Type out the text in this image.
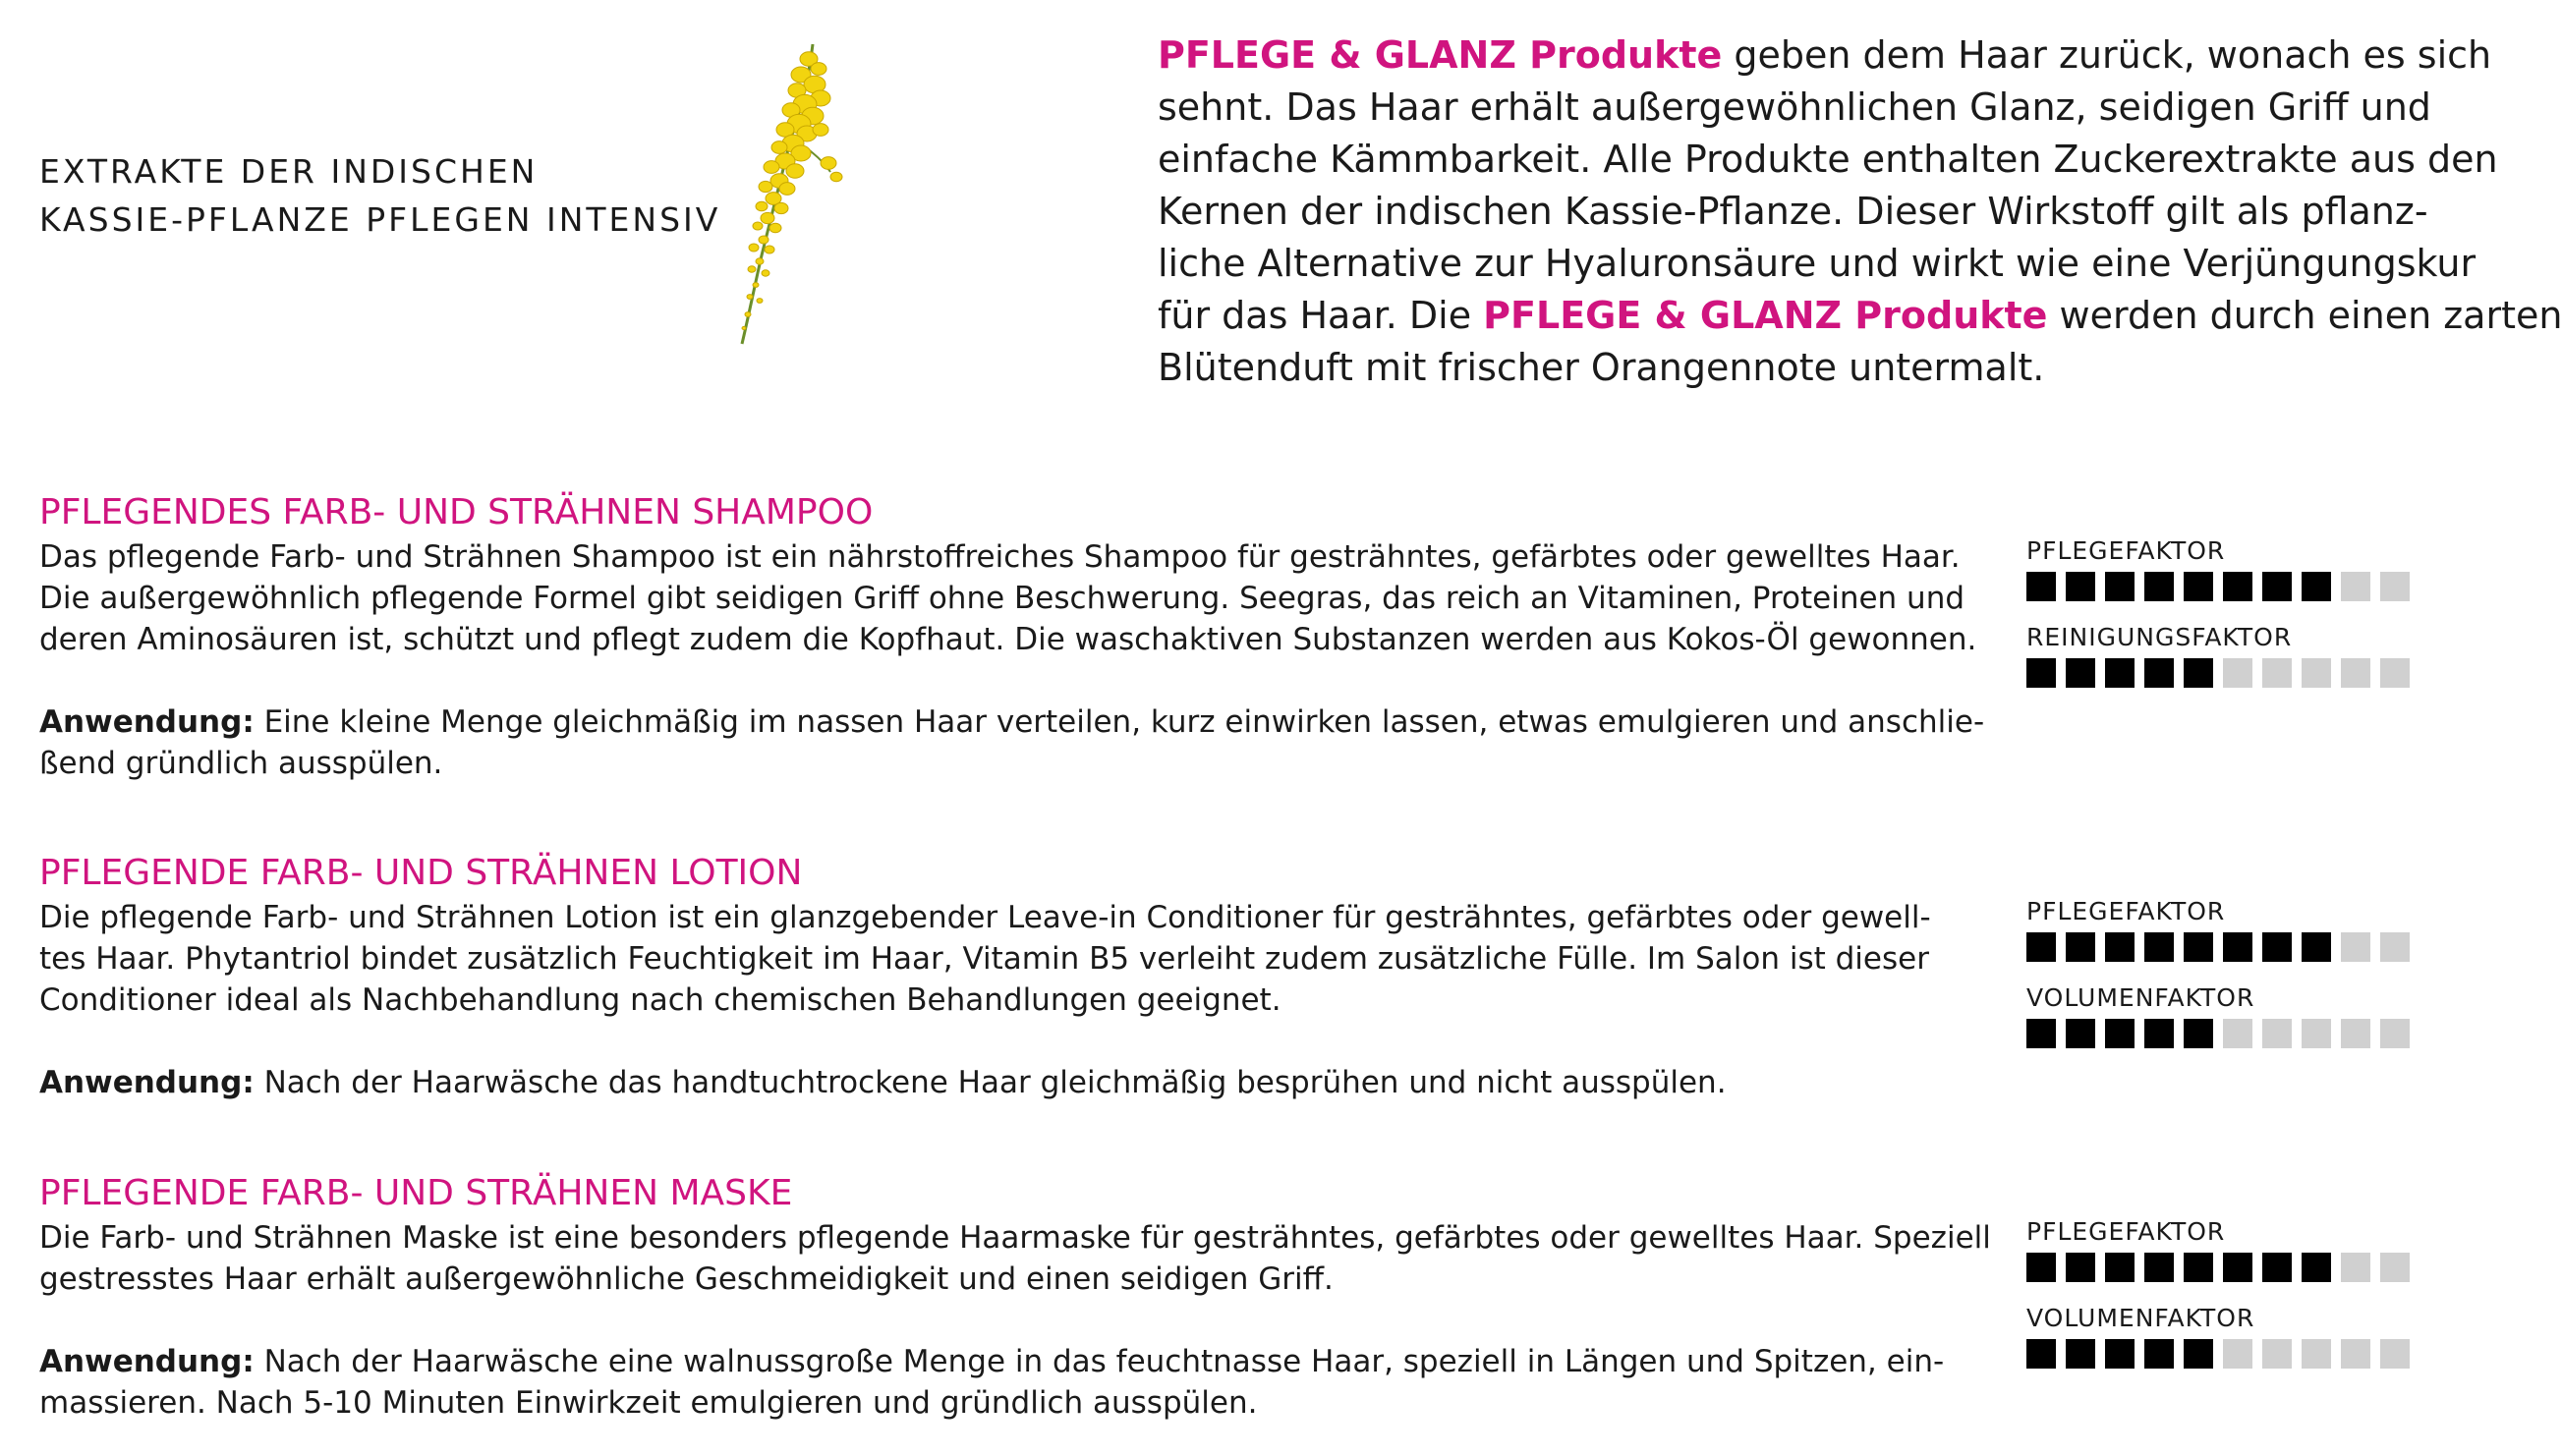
EXTRAKTE DER INDISCHEN
KASSIE-PFLANZE PFLEGEN INTENSIV

PFLEGE & GLANZ Produkte geben dem Haar zurück, wonach es sich
sehnt. Das Haar erhält außergewöhnlichen Glanz, seidigen Griff und
einfache Kämmbarkeit. Alle Produkte enthalten Zuckerextrakte aus den
Kernen der indischen Kassie-Pflanze. Dieser Wirkstoff gilt als pflanz-
liche Alternative zur Hyaluronsäure und wirkt wie eine Verjüngungskur
für das Haar. Die PFLEGE & GLANZ Produkte werden durch einen zarten
Blütenduft mit frischer Orangennote untermalt.

PFLEGENDES FARB- UND STRÄHNEN SHAMPOO

Das pflegende Farb- und Strähnen Shampoo ist ein nährstoffreiches Shampoo für gesträhntes, gefärbtes oder gewelltes Haar.
Die außergewöhnlich pflegende Formel gibt seidigen Griff ohne Beschwerung. Seegras, das reich an Vitaminen, Proteinen und
deren Aminosäuren ist, schützt und pflegt zudem die Kopfhaut. Die waschaktiven Substanzen werden aus Kokos-Öl gewonnen.

Anwendung: Eine kleine Menge gleichmäßig im nassen Haar verteilen, kurz einwirken lassen, etwas emulgieren und anschlie-
ßend gründlich ausspülen.

PFLEGEFAKTOR

REINIGUNGSFAKTOR

PFLEGENDE FARB- UND STRÄHNEN LOTION

Die pflegende Farb- und Strähnen Lotion ist ein glanzgebender Leave-in Conditioner für gesträhntes, gefärbtes oder gewell-
tes Haar. Phytantriol bindet zusätzlich Feuchtigkeit im Haar, Vitamin B5 verleiht zudem zusätzliche Fülle. Im Salon ist dieser
Conditioner ideal als Nachbehandlung nach chemischen Behandlungen geeignet.

Anwendung: Nach der Haarwäsche das handtuchtrockene Haar gleichmäßig besprühen und nicht ausspülen.

PFLEGEFAKTOR

VOLUMENFAKTOR

PFLEGENDE FARB- UND STRÄHNEN MASKE

Die Farb- und Strähnen Maske ist eine besonders pflegende Haarmaske für gesträhntes, gefärbtes oder gewelltes Haar. Speziell
gestresstes Haar erhält außergewöhnliche Geschmeidigkeit und einen seidigen Griff.

Anwendung: Nach der Haarwäsche eine walnussgroße Menge in das feuchtnasse Haar, speziell in Längen und Spitzen, ein-
massieren. Nach 5-10 Minuten Einwirkzeit emulgieren und gründlich ausspülen.

PFLEGEFAKTOR

VOLUMENFAKTOR
